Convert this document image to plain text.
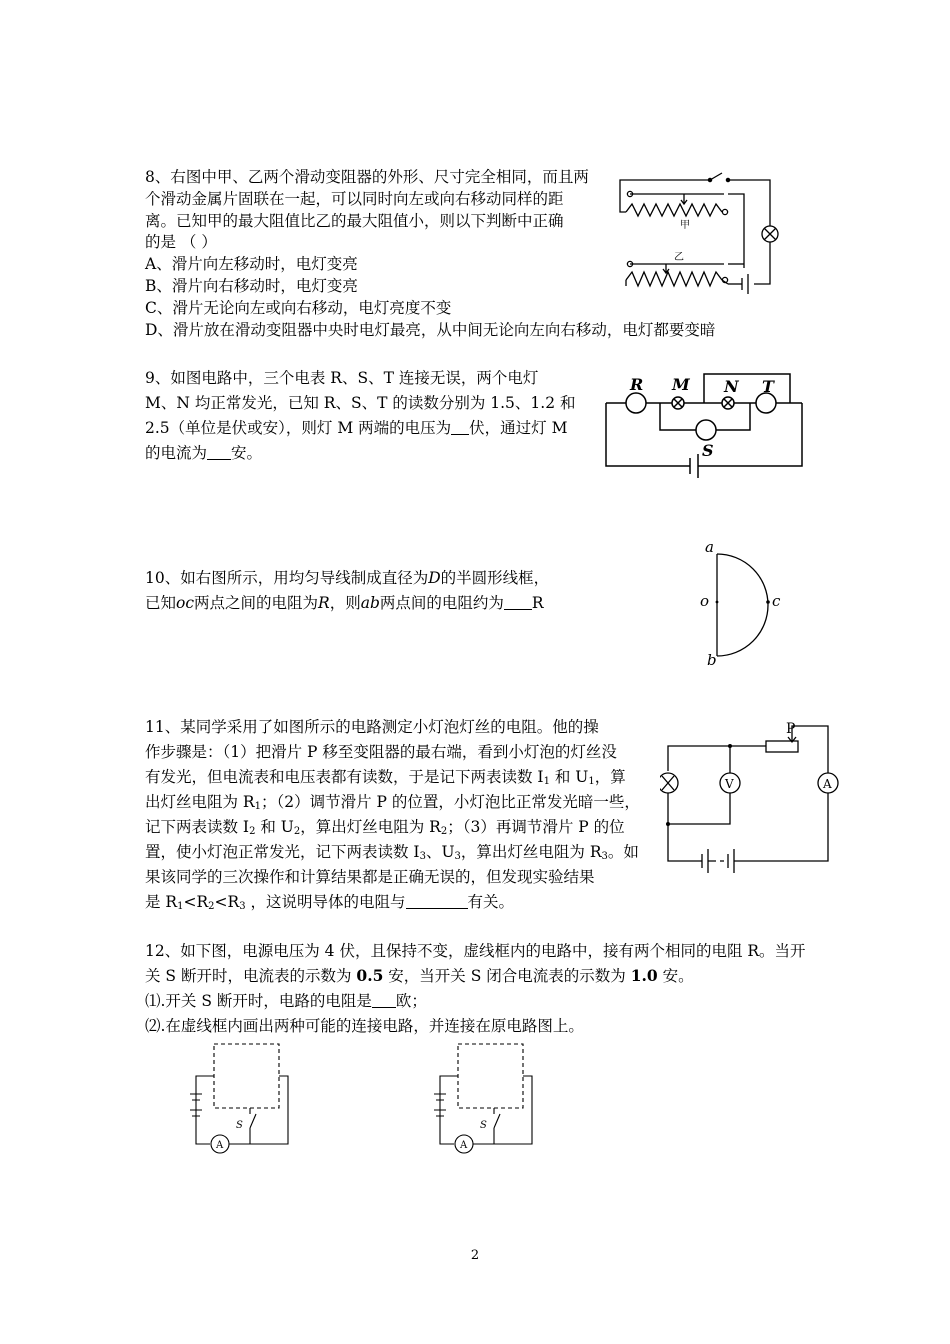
8、右图中甲、乙两个滑动变阻器的外形、尺寸完全相同，而且两
个滑动金属片固联在一起，可以同时向左或向右移动同样的距
离。已知甲的最大阻值比乙的最大阻值小，则以下判断中正确
的是 （ ）
A、滑片向左移动时，电灯变亮
B、滑片向右移动时，电灯变亮
C、滑片无论向左或向右移动，电灯亮度不变
D、滑片放在滑动变阻器中央时电灯最亮，从中间无论向左向右移动，电灯都要变暗
甲
乙
9、如图电路中，三个电表 R、S、T 连接无误，两个电灯
M、N 均正常发光，已知 R、S、T 的读数分别为 1.5、1.2 和
2.5（单位是伏或安），则灯 M 两端的电压为 伏，通过灯 M
的电流为 安。
R M N T
S
10、如右图所示，用均匀导线制成直径为D的半圆形线框，
已知oc两点之间的电阻为R，则ab两点间的电阻约为 R
a
b
o	c
11、某同学采用了如图所示的电路测定小灯泡灯丝的电阻。他的操
作步骤是：（1）把滑片 P 移至变阻器的最右端，看到小灯泡的灯丝没
有发光，但电流表和电压表都有读数，于是记下两表读数 $I_1$ 和 $U_1$，算
出灯丝电阻为 $R_1$；（2）调节滑片 P 的位置，小灯泡比正常发光暗一些，
记下两表读数 $I_2$ 和 $U_2$，算出灯丝电阻为 $R_2$；（3）再调节滑片 P 的位
置，使小灯泡正常发光，记下两表读数 $I_3$、$U_3$，算出灯丝电阻为 $R_3$。如
果该同学的三次操作和计算结果都是正确无误的，但发现实验结果
是 $R_1<R_2<R_3$ ，这说明导体的电阻与	有关。
P
V	A
12、如下图，电源电压为 4 伏，且保持不变，虚线框内的电路中，接有两个相同的电阻 R。当开
关 S 断开时，电流表的示数为 0.5 安，当开关 S 闭合电流表的示数为 1.0 安。
⑴.开关 S 断开时，电路的电阻是 欧；
⑵.在虚线框内画出两种可能的连接电路，并连接在原电路图上。
S
A
S
A
2
